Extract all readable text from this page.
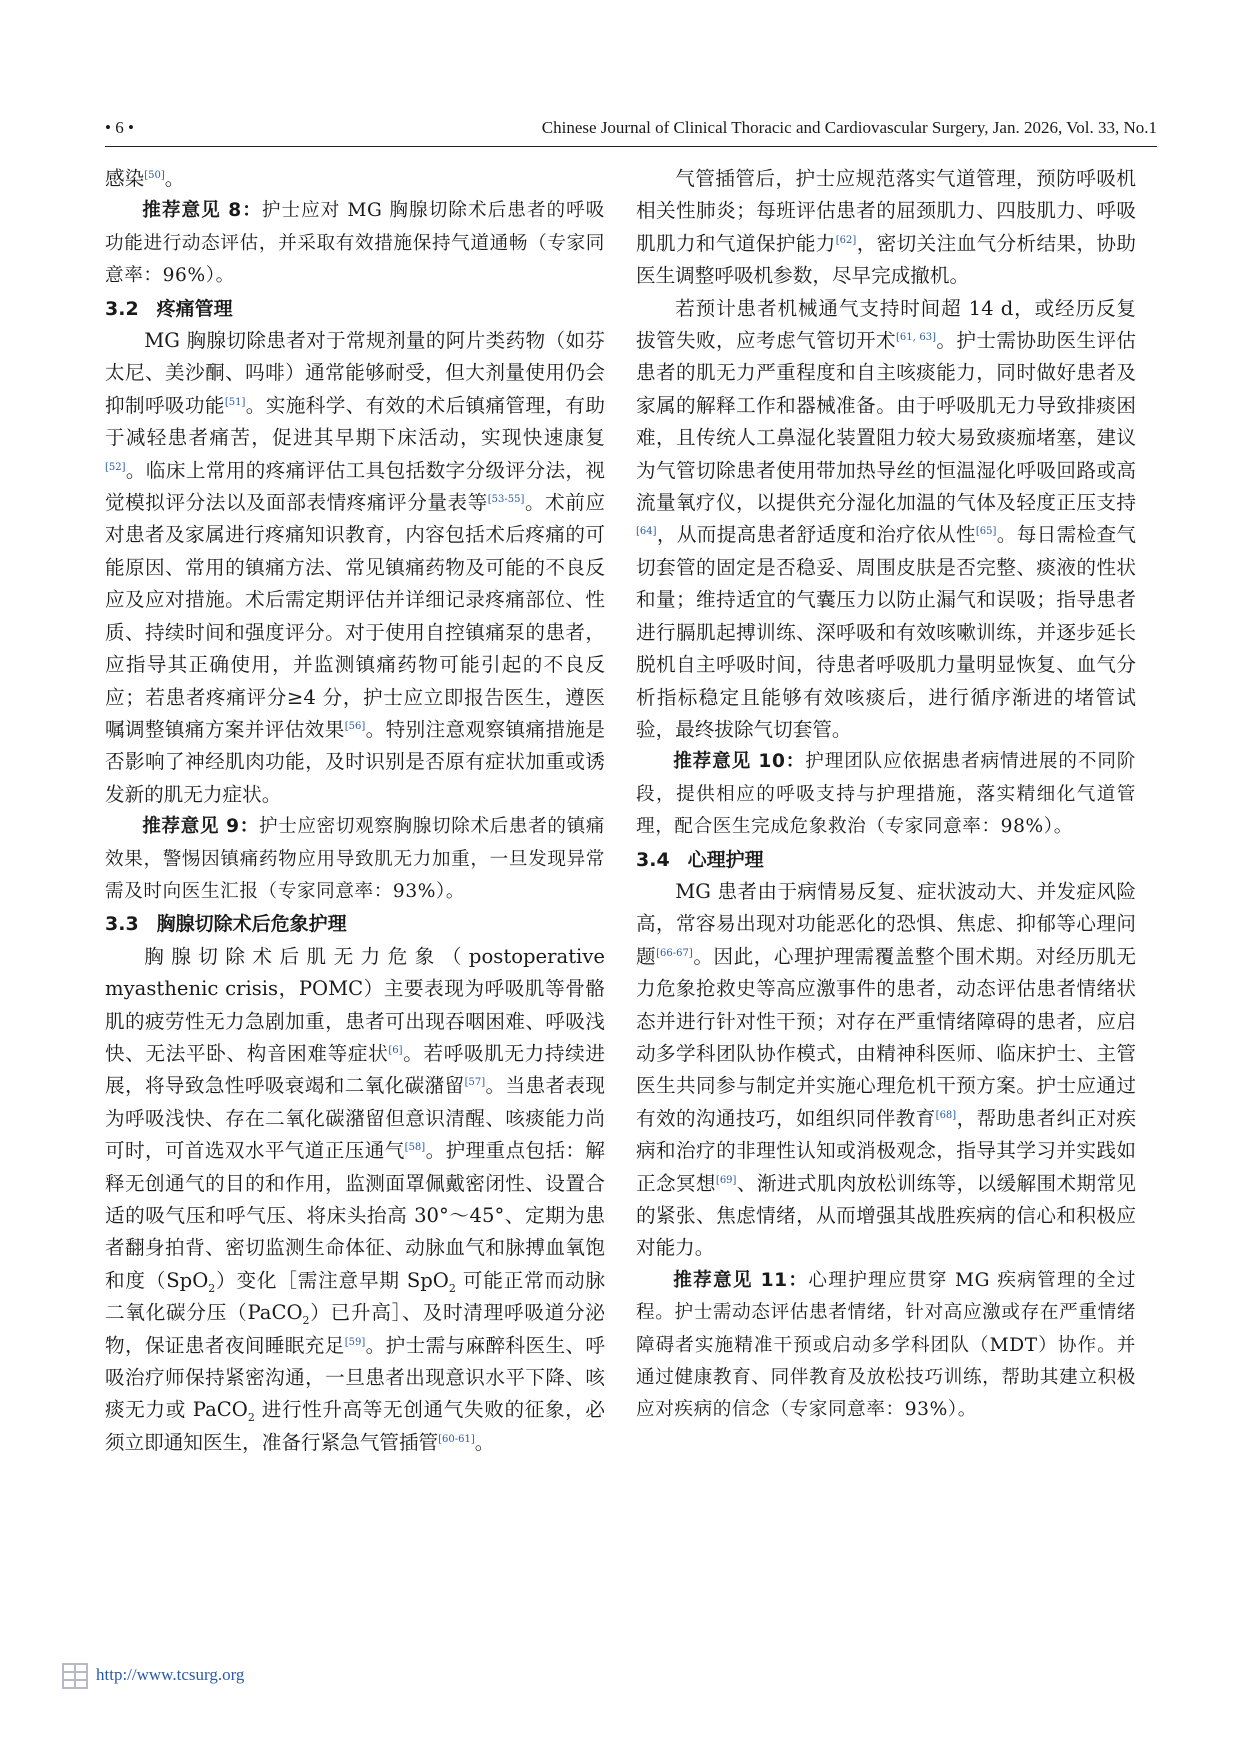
• 6 •	Chinese Journal of Clinical Thoracic and Cardiovascular Surgery, Jan. 2026, Vol. 33, No.1

感染[50]。

推荐意见 8：护士应对 MG 胸腺切除术后患者的呼吸功能进行动态评估，并采取有效措施保持气道通畅（专家同意率：96%）。

3.2 疼痛管理

MG 胸腺切除患者对于常规剂量的阿片类药物（如芬太尼、美沙酮、吗啡）通常能够耐受，但大剂量使用仍会抑制呼吸功能[51]。实施科学、有效的术后镇痛管理，有助于减轻患者痛苦，促进其早期下床活动，实现快速康复[52]。临床上常用的疼痛评估工具包括数字分级评分法，视觉模拟评分法以及面部表情疼痛评分量表等[53-55]。术前应对患者及家属进行疼痛知识教育，内容包括术后疼痛的可能原因、常用的镇痛方法、常见镇痛药物及可能的不良反应及应对措施。术后需定期评估并详细记录疼痛部位、性质、持续时间和强度评分。对于使用自控镇痛泵的患者，应指导其正确使用，并监测镇痛药物可能引起的不良反应；若患者疼痛评分≥4 分，护士应立即报告医生，遵医嘱调整镇痛方案并评估效果[56]。特别注意观察镇痛措施是否影响了神经肌肉功能，及时识别是否原有症状加重或诱发新的肌无力症状。

推荐意见 9：护士应密切观察胸腺切除术后患者的镇痛效果，警惕因镇痛药物应用导致肌无力加重，一旦发现异常需及时向医生汇报（专家同意率：93%）。

3.3 胸腺切除术后危象护理

胸腺切除术后肌无力危象（postoperative myasthenic crisis，POMC）主要表现为呼吸肌等骨骼肌的疲劳性无力急剧加重，患者可出现吞咽困难、呼吸浅快、无法平卧、构音困难等症状[6]。若呼吸肌无力持续进展，将导致急性呼吸衰竭和二氧化碳潴留[57]。当患者表现为呼吸浅快、存在二氧化碳潴留但意识清醒、咳痰能力尚可时，可首选双水平气道正压通气[58]。护理重点包括：解释无创通气的目的和作用，监测面罩佩戴密闭性、设置合适的吸气压和呼气压、将床头抬高 30°～45°、定期为患者翻身拍背、密切监测生命体征、动脉血气和脉搏血氧饱和度（SpO$_2$）变化［需注意早期 SpO$_2$ 可能正常而动脉二氧化碳分压（PaCO$_2$）已升高］、及时清理呼吸道分泌物，保证患者夜间睡眠充足[59]。护士需与麻醉科医生、呼吸治疗师保持紧密沟通，一旦患者出现意识水平下降、咳痰无力或 PaCO$_2$ 进行性升高等无创通气失败的征象，必须立即通知医生，准备行紧急气管插管[60-61]。

气管插管后，护士应规范落实气道管理，预防呼吸机相关性肺炎；每班评估患者的屈颈肌力、四肢肌力、呼吸肌肌力和气道保护能力[62]，密切关注血气分析结果，协助医生调整呼吸机参数，尽早完成撤机。

若预计患者机械通气支持时间超 14 d，或经历反复拔管失败，应考虑气管切开术[61, 63]。护士需协助医生评估患者的肌无力严重程度和自主咳痰能力，同时做好患者及家属的解释工作和器械准备。由于呼吸肌无力导致排痰困难，且传统人工鼻湿化装置阻力较大易致痰痂堵塞，建议为气管切除患者使用带加热导丝的恒温湿化呼吸回路或高流量氧疗仪，以提供充分湿化加温的气体及轻度正压支持[64]，从而提高患者舒适度和治疗依从性[65]。每日需检查气切套管的固定是否稳妥、周围皮肤是否完整、痰液的性状和量；维持适宜的气囊压力以防止漏气和误吸；指导患者进行膈肌起搏训练、深呼吸和有效咳嗽训练，并逐步延长脱机自主呼吸时间，待患者呼吸肌力量明显恢复、血气分析指标稳定且能够有效咳痰后，进行循序渐进的堵管试验，最终拔除气切套管。

推荐意见 10：护理团队应依据患者病情进展的不同阶段，提供相应的呼吸支持与护理措施，落实精细化气道管理，配合医生完成危象救治（专家同意率：98%）。

3.4 心理护理

MG 患者由于病情易反复、症状波动大、并发症风险高，常容易出现对功能恶化的恐惧、焦虑、抑郁等心理问题[66-67]。因此，心理护理需覆盖整个围术期。对经历肌无力危象抢救史等高应激事件的患者，动态评估患者情绪状态并进行针对性干预；对存在严重情绪障碍的患者，应启动多学科团队协作模式，由精神科医师、临床护士、主管医生共同参与制定并实施心理危机干预方案。护士应通过有效的沟通技巧，如组织同伴教育[68]，帮助患者纠正对疾病和治疗的非理性认知或消极观念，指导其学习并实践如正念冥想[69]、渐进式肌肉放松训练等，以缓解围术期常见的紧张、焦虑情绪，从而增强其战胜疾病的信心和积极应对能力。

推荐意见 11：心理护理应贯穿 MG 疾病管理的全过程。护士需动态评估患者情绪，针对高应激或存在严重情绪障碍者实施精准干预或启动多学科团队（MDT）协作。并通过健康教育、同伴教育及放松技巧训练，帮助其建立积极应对疾病的信念（专家同意率：93%）。

http://www.tcsurg.org
